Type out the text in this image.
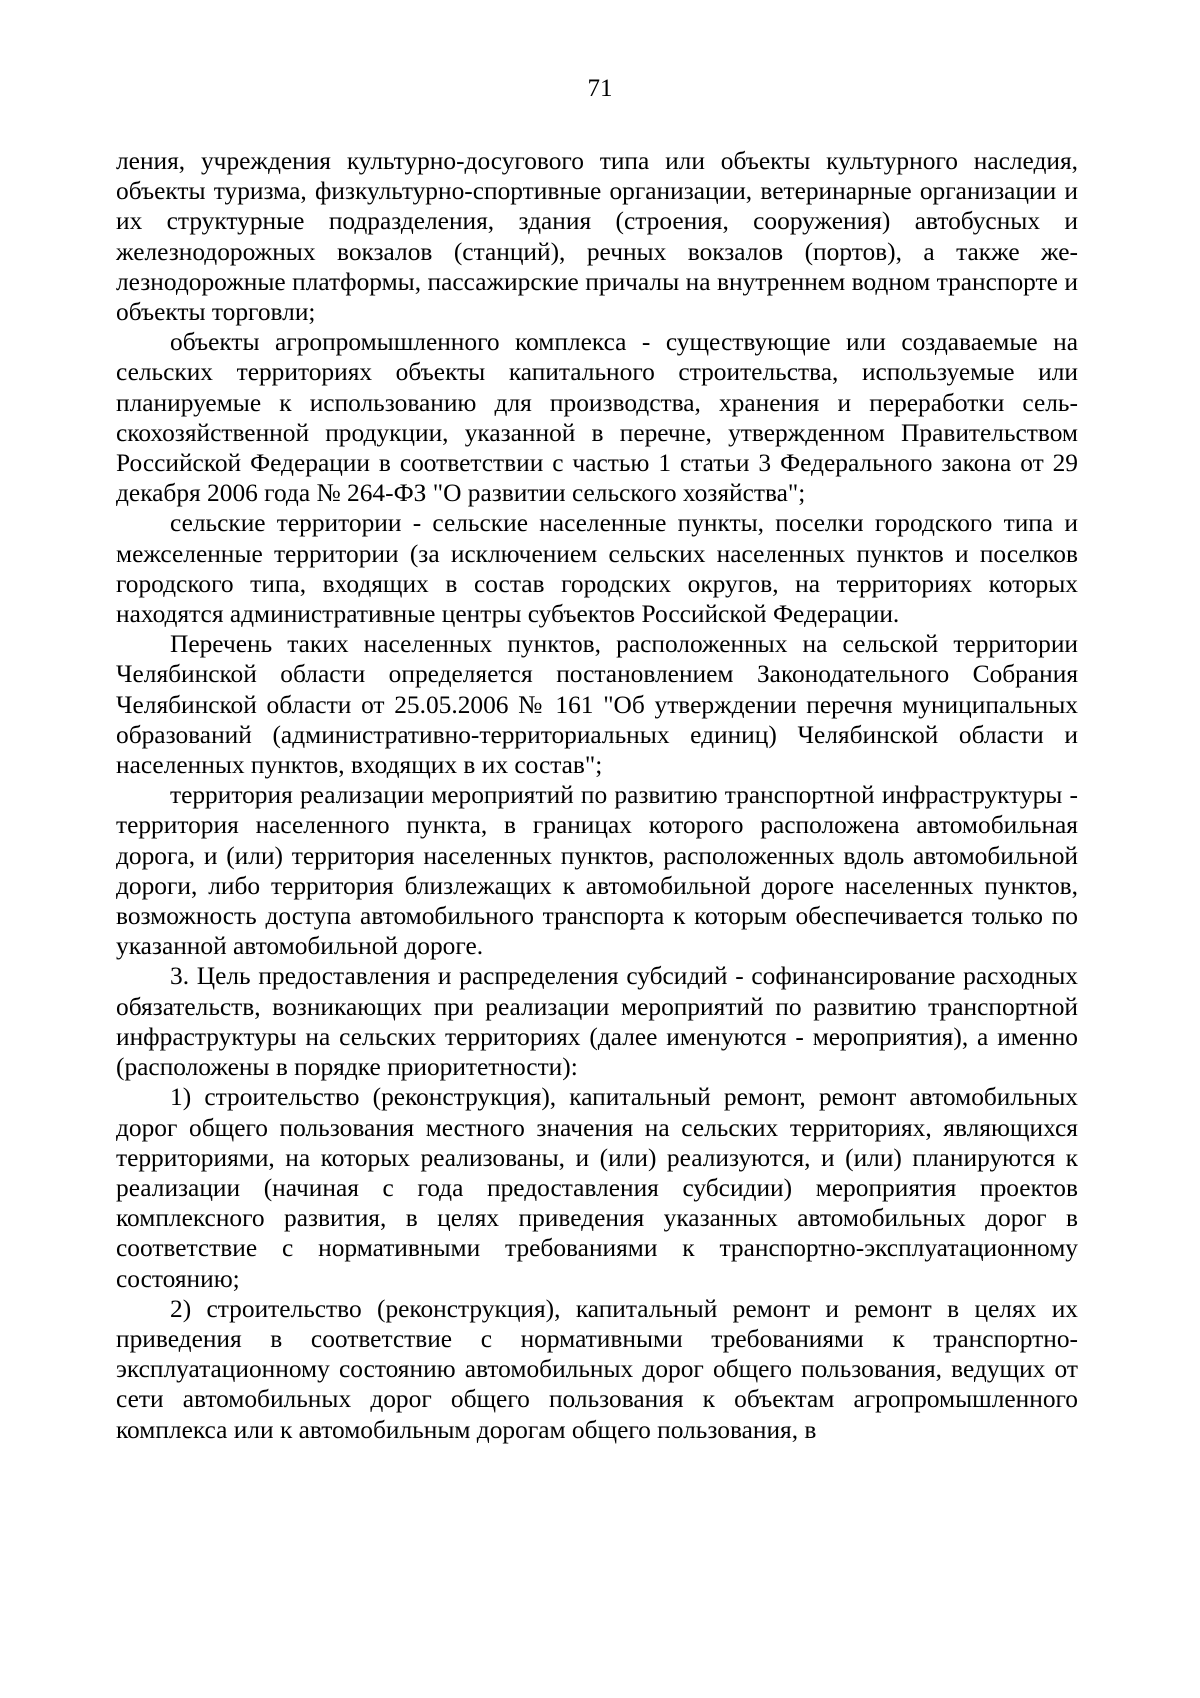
71

ления, учреждения культурно-досугового типа или объекты культурного наследия, объекты туризма, физкультурно-спортивные организации, ветеринарные организации и их структурные подразделения, здания (строения, сооружения) автобусных и железнодорожных вокзалов (станций), речных вокзалов (портов), а также железнодорожные платформы, пассажирские причалы на внутреннем водном транспорте и объекты торговли;

объекты агропромышленного комплекса - существующие или создаваемые на сельских территориях объекты капитального строительства, используемые или планируемые к использованию для производства, хранения и переработки сельскохозяйственной продукции, указанной в перечне, утвержденном Правительством Российской Федерации в соответствии с частью 1 статьи 3 Федерального закона от 29 декабря 2006 года № 264-ФЗ "О развитии сельского хозяйства";

сельские территории - сельские населенные пункты, поселки городского типа и межселенные территории (за исключением сельских населенных пунктов и поселков городского типа, входящих в состав городских округов, на территориях которых находятся административные центры субъектов Российской Федерации.

Перечень таких населенных пунктов, расположенных на сельской территории Челябинской области определяется постановлением Законодательного Собрания Челябинской области от 25.05.2006 № 161 "Об утверждении перечня муниципальных образований (административно-территориальных единиц) Челябинской области и населенных пунктов, входящих в их состав";

территория реализации мероприятий по развитию транспортной инфраструктуры - территория населенного пункта, в границах которого расположена автомобильная дорога, и (или) территория населенных пунктов, расположенных вдоль автомобильной дороги, либо территория близлежащих к автомобильной дороге населенных пунктов, возможность доступа автомобильного транспорта к которым обеспечивается только по указанной автомобильной дороге.

3. Цель предоставления и распределения субсидий - софинансирование расходных обязательств, возникающих при реализации мероприятий по развитию транспортной инфраструктуры на сельских территориях (далее именуются - мероприятия), а именно (расположены в порядке приоритетности):

1) строительство (реконструкция), капитальный ремонт, ремонт автомобильных дорог общего пользования местного значения на сельских территориях, являющихся территориями, на которых реализованы, и (или) реализуются, и (или) планируются к реализации (начиная с года предоставления субсидии) мероприятия проектов комплексного развития, в целях приведения указанных автомобильных дорог в соответствие с нормативными требованиями к транспортно-эксплуатационному состоянию;

2) строительство (реконструкция), капитальный ремонт и ремонт в целях их приведения в соответствие с нормативными требованиями к транспортно-эксплуатационному состоянию автомобильных дорог общего пользования, ведущих от сети автомобильных дорог общего пользования к объектам агропромышленного комплекса или к автомобильным дорогам общего пользования, в
